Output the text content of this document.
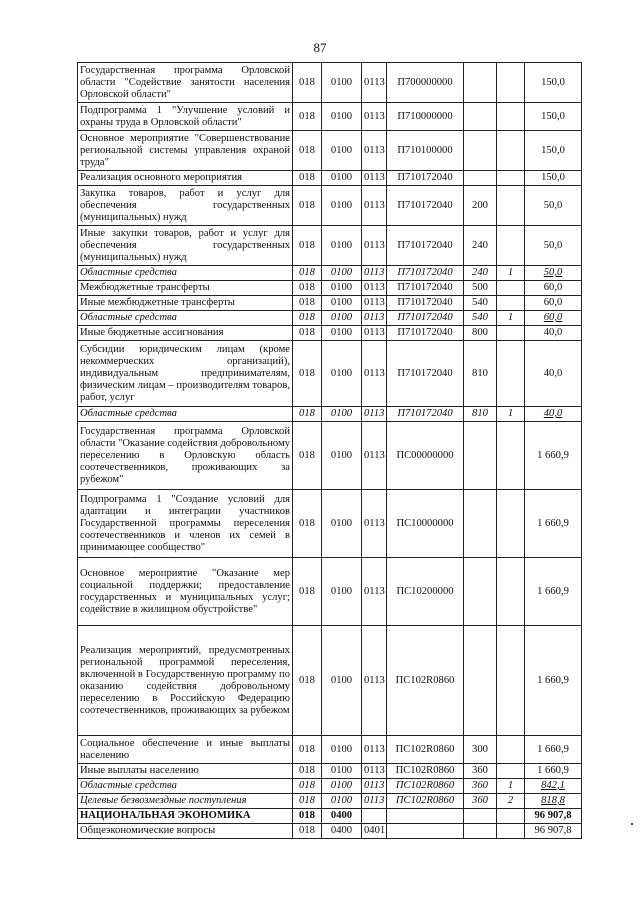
87
Государственная программа Орловской области "Содействие занятости населения Орловской области"	018	0100	0113	П700000000			150,0
Подпрограмма 1 "Улучшение условий и охраны труда в Орловской области"	018	0100	0113	П710000000			150,0
Основное мероприятие "Совершенствование региональной системы управления охраной труда"	018	0100	0113	П710100000			150,0
Реализация основного мероприятия	018	0100	0113	П710172040			150,0
Закупка товаров, работ и услуг для обеспечения государственных (муниципальных) нужд	018	0100	0113	П710172040	200		50,0
Иные закупки товаров, работ и услуг для обеспечения государственных (муниципальных) нужд	018	0100	0113	П710172040	240		50,0
Областные средства	018	0100	0113	П710172040	240	1	50,0
Межбюджетные трансферты	018	0100	0113	П710172040	500		60,0
Иные межбюджетные трансферты	018	0100	0113	П710172040	540		60,0
Областные средства	018	0100	0113	П710172040	540	1	60,0
Иные бюджетные ассигнования	018	0100	0113	П710172040	800		40,0
Субсидии юридическим лицам (кроме некоммерческих организаций), индивидуальным предпринимателям, физическим лицам – производителям товаров, работ, услуг	018	0100	0113	П710172040	810		40,0
Областные средства	018	0100	0113	П710172040	810	1	40,0
Государственная программа Орловской области "Оказание содействия добровольному переселению в Орловскую область соотечественников, проживающих за рубежом"	018	0100	0113	ПС00000000			1 660,9
Подпрограмма 1 "Создание условий для адаптации и интеграции участников Государственной программы переселения соотечественников и членов их семей в принимающее сообщество"	018	0100	0113	ПС10000000			1 660,9
Основное мероприятие "Оказание мер социальной поддержки; предоставление государственных и муниципальных услуг; содействие в жилищном обустройстве"	018	0100	0113	ПС10200000			1 660,9
Реализация мероприятий, предусмотренных региональной программой переселения, включенной в Государственную программу по оказанию содействия добровольному переселению в Российскую Федерацию соотечественников, проживающих за рубежом	018	0100	0113	ПС102R0860			1 660,9
Социальное обеспечение и иные выплаты населению	018	0100	0113	ПС102R0860	300		1 660,9
Иные выплаты населению	018	0100	0113	ПС102R0860	360		1 660,9
Областные средства	018	0100	0113	ПС102R0860	360	1	842,1
Целевые безвозмездные поступления	018	0100	0113	ПС102R0860	360	2	818,8
НАЦИОНАЛЬНАЯ ЭКОНОМИКА	018	0400					96 907,8
Общеэкономические вопросы	018	0400	0401				96 907,8
